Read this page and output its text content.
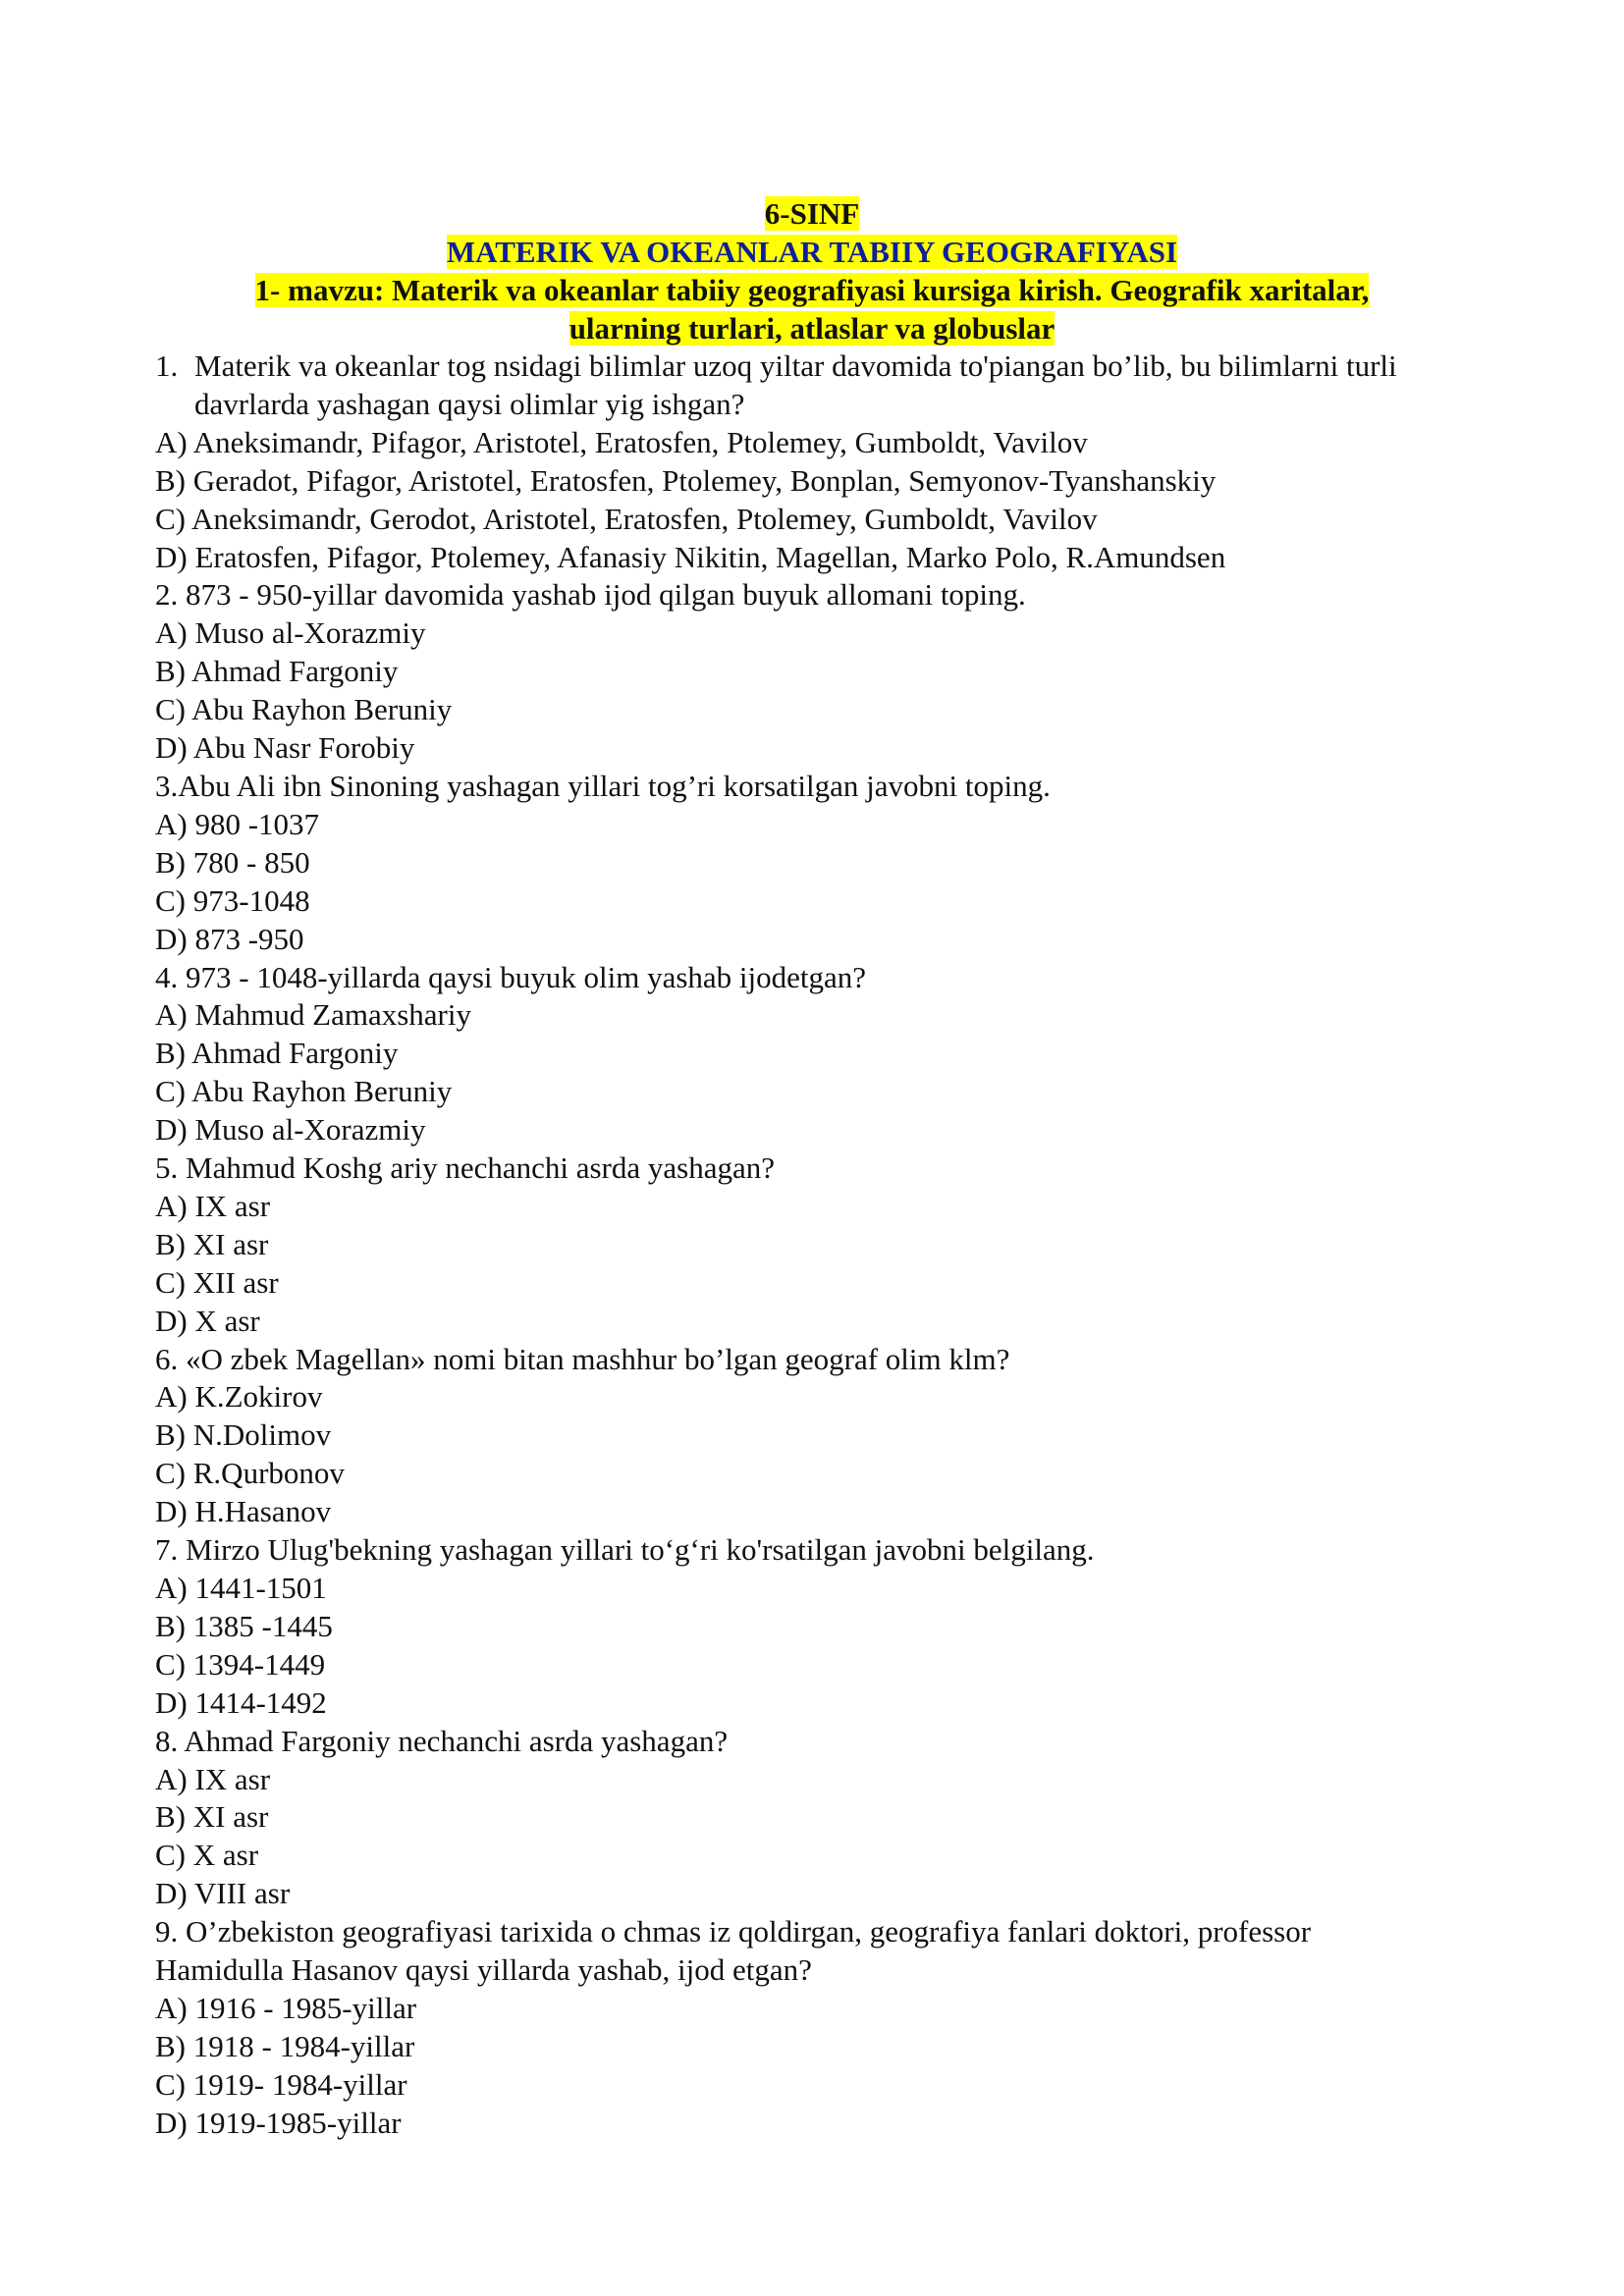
6-SINF
MATERIK VA OKEANLAR TABIIY GEOGRAFIYASI
1- mavzu: Materik va okeanlar tabiiy geografiyasi kursiga kirish. Geografik xaritalar,
ularning turlari, atlaslar va globuslar
1. Materik va okeanlar tog nsidagi bilimlar uzoq yiltar davomida to'piangan bo’lib, bu bilimlarni turli davrlarda yashagan qaysi olimlar yig ishgan?
A) Aneksimandr, Pifagor, Aristotel, Eratosfen, Ptolemey, Gumboldt, Vavilov
B) Geradot, Pifagor, Aristotel, Eratosfen, Ptolemey, Bonplan, Semyonov-Tyanshanskiy
C) Aneksimandr, Gerodot, Aristotel, Eratosfen, Ptolemey, Gumboldt, Vavilov
D) Eratosfen, Pifagor, Ptolemey, Afanasiy Nikitin, Magellan, Marko Polo, R.Amundsen
2. 873 - 950-yillar davomida yashab ijod qilgan buyuk allomani toping.
A) Muso al-Xorazmiy
B) Ahmad Fargoniy
C) Abu Rayhon Beruniy
D) Abu Nasr Forobiy
3.Abu Ali ibn Sinoning yashagan yillari tog’ri korsatilgan javobni toping.
A) 980 -1037
B) 780 - 850
C) 973-1048
D) 873 -950
4. 973 - 1048-yillarda qaysi buyuk olim yashab ijodetgan?
A) Mahmud Zamaxshariy
B) Ahmad Fargoniy
C) Abu Rayhon Beruniy
D) Muso al-Xorazmiy
5. Mahmud Koshg ariy nechanchi asrda yashagan?
A) IX asr
B) XI asr
C) XII asr
D) X asr
6. «O zbek Magellan» nomi bitan mashhur bo’lgan geograf olim klm?
A) K.Zokirov
B) N.Dolimov
C) R.Qurbonov
D) H.Hasanov
7. Mirzo Ulug'bekning yashagan yillari to‘g‘ri ko'rsatilgan javobni belgilang.
A) 1441-1501
B) 1385 -1445
C) 1394-1449
D) 1414-1492
8. Ahmad Fargoniy nechanchi asrda yashagan?
A) IX asr
B) XI asr
C) X asr
D) VIII asr
9. O’zbekiston geografiyasi tarixida o chmas iz qoldirgan, geografiya fanlari doktori, professor
Hamidulla Hasanov qaysi yillarda yashab, ijod etgan?
A) 1916 - 1985-yillar
B) 1918 - 1984-yillar
C) 1919- 1984-yillar
D) 1919-1985-yillar
